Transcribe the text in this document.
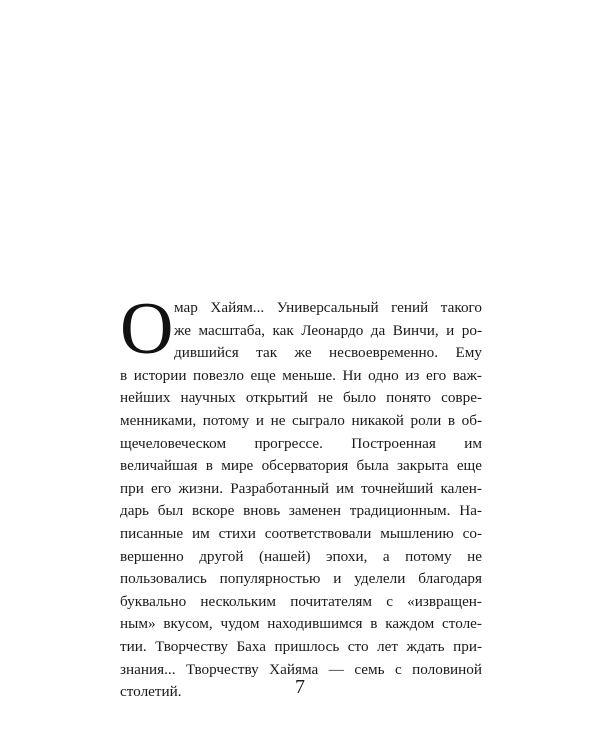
О мар Хайям... Универсальный гений такого
же масштаба, как Леонардо да Винчи, и ро-
дившийся так же несвоевременно. Ему
в истории повезло еще меньше. Ни одно из его важ-
нейших научных открытий не было понято совре-
менниками, потому и не сыграло никакой роли в об-
щечеловеческом прогрессе. Построенная им
величайшая в мире обсерватория была закрыта еще
при его жизни. Разработанный им точнейший кален-
дарь был вскоре вновь заменен традиционным. На-
писанные им стихи соответствовали мышлению со-
вершенно другой (нашей) эпохи, а потому не
пользовались популярностью и уделели благодаря
буквально нескольким почитателям с «извращен-
ным» вкусом, чудом находившимся в каждом столе-
тии. Творчеству Баха пришлось сто лет ждать при-
знания... Творчеству Хайяма — семь с половиной
столетий.	7
